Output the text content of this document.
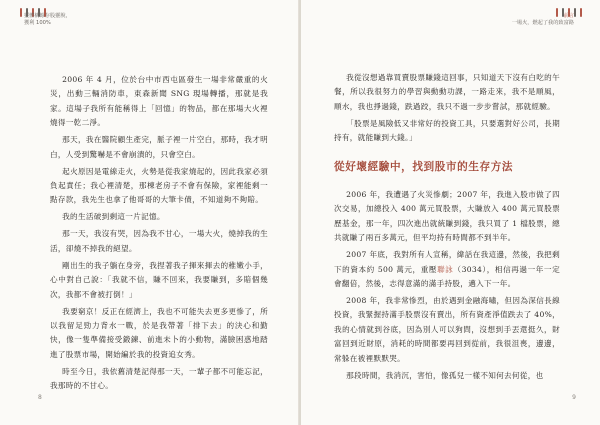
靈體構餘存股靈脫，
獲利 100%

2006 年 4 月，位於台中市西屯區發生一場非常嚴重的火災，出動三輛消防車，東森新聞 SNG 現場轉播，那就是我家。這場子我所有能稱得上「回憶」的物品，都在那場大火裡燒得一乾二淨。

那天，我在醫院顧生產完，脈子裡一片空白，那時，我才明白，人受到驚嚇是不會崩潰的，只會空白。

起火原因是電線走火，火勢是從我家燒起的，因此我家必須負起責任；我心裡清楚，那棟老房子不會有保險，家裡能剩一點存款，我先生也拿了他哥哥的大筆卡債，不知道夠不夠賠。

我的生活破到剩這一片記憶。

那一天，我沒有哭，因為我不甘心，一場大火，燒掉我的生活，卻燒不掉我的絕望。

剛出生的我子躺在身旁，我捏著我子揮來揮去的稚嫩小手，心中對自己說：「我就不信，賺不回來，我要賺到，多賠個幾次，我都不會被打倒！」

我要窮京！反正在經濟上，我也不可能失去更多更慘了，所以我留足勁力背水一戰，於是我帶著「排下去」的決心和勤快，像一隻準備接受鍛鍊、前進未卜的小動物，滿臉困惑地踏進了股票市場，開始編於我的投資追女秀。

時至今日，我依舊清楚記得那一天，一輩子都不可能忘記，我那時的不甘心。

8
前言
一場火，燃起了我的致富路

我從沒想過靠買賣股票賺錢這回事，只知道天下沒有白吃的午餐，所以我很努力的學習與動動功課，一路走來，我不是順風，順水，我也掙過錢，跌過跤，我只不過一步步嘗試，那就經驗。

「股票是風險低又非常好的投資工具，只要選對好公司，長期持有，就能賺到大錢。」

從好壞經驗中，找到股市的生存方法

2006 年，我遭遇了火災慘劇；2007 年，我進入股市做了四次交易，加總投入 400 萬元買股票，大賺放入 400 萬元買股票歷基金，那一年，四次進出就統賺到錢，我只買了 1 檔股票，總共就賺了兩百多萬元，但平均持有時間都不到半年。

2007 年底，我對所有人宣稱，緯話在我這邊，然後，我把剩下的資本約 500 萬元，重壓聯詠（3034），相信再過一年一定會翻倍，然後，志得意滿的滿手持股，邁入下一年。

2008 年，我非常慘烈，由於遇到金融海嘯，但因為深信長線投資，我緊握持滿手股票沒有賣出，所有資產淨值跌去了 40%，我的心情就到谷底，因為別人可以狗問，沒想到手丟還挺久，財富回到近財原，消耗的時間都要再回到從前，我很沮喪，邊邊，常躲在被裡默默哭。

那段時間，我消沉，害怕，像孤兒一樣不知何去何從，也

9
